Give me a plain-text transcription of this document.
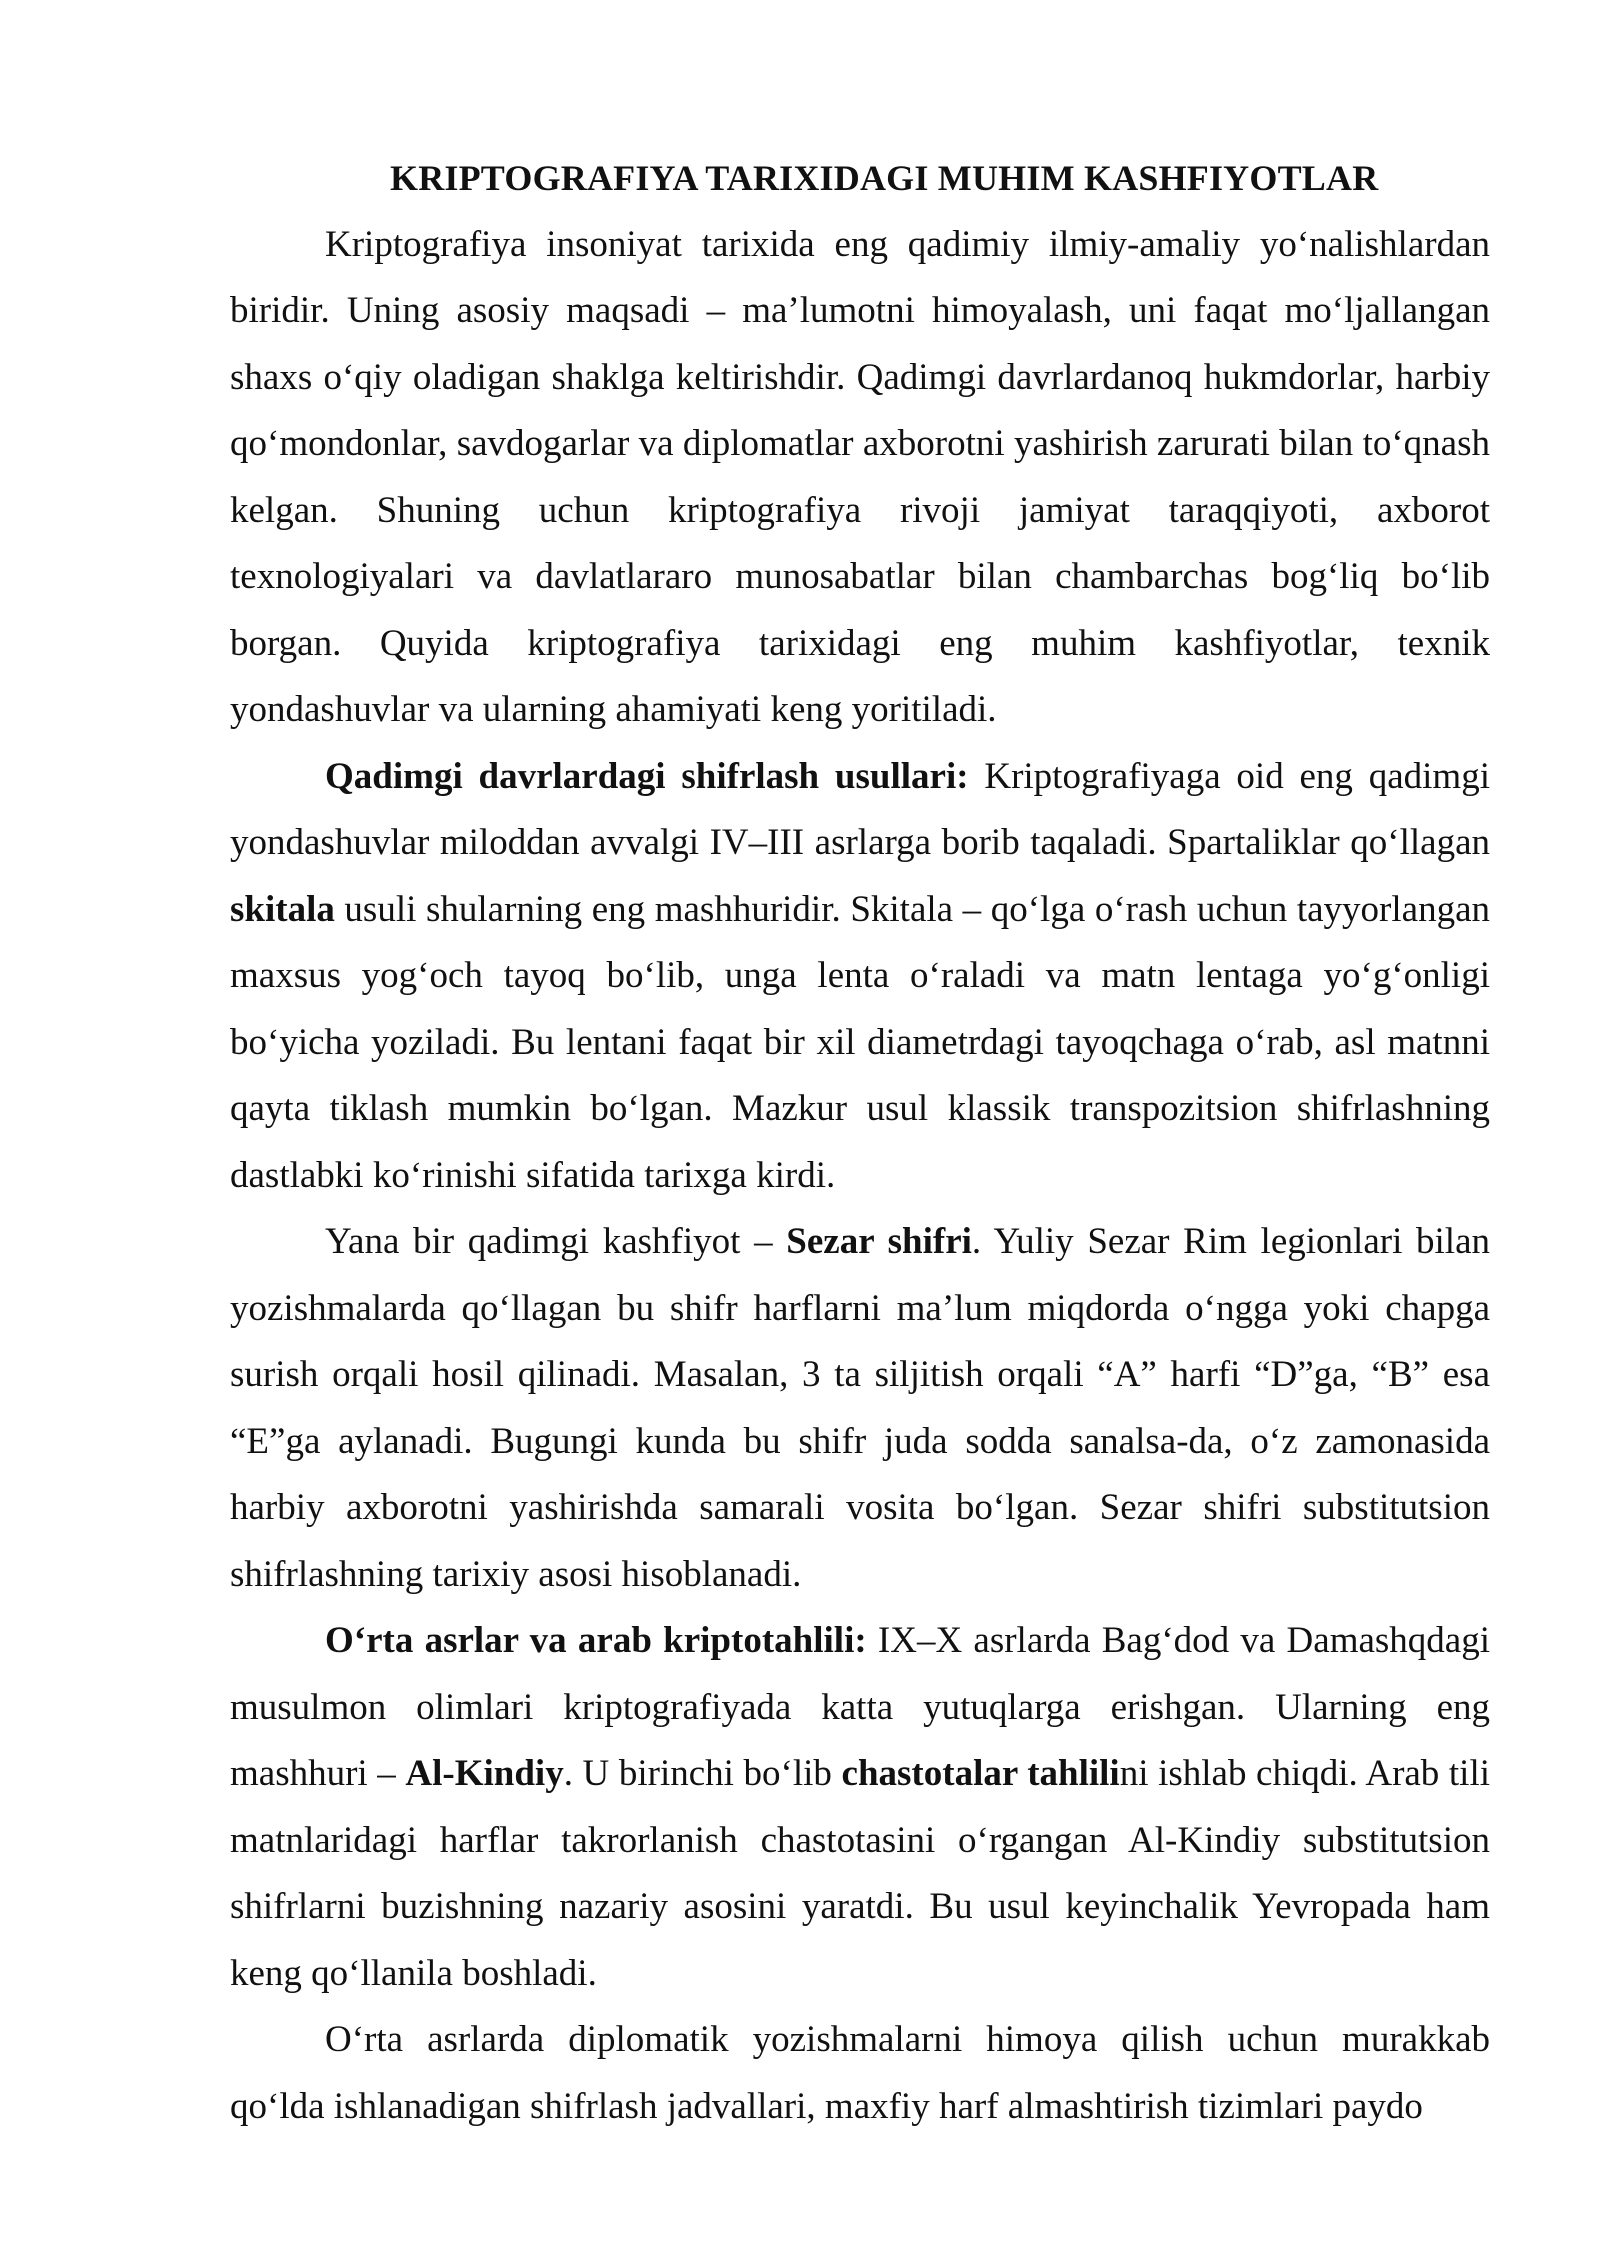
KRIPTOGRAFIYA TARIXIDAGI MUHIM KASHFIYOTLAR

Kriptografiya insoniyat tarixida eng qadimiy ilmiy-amaliy yo‘nalishlardan biridir. Uning asosiy maqsadi – ma’lumotni himoyalash, uni faqat mo‘ljallangan shaxs o‘qiy oladigan shaklga keltirishdir. Qadimgi davrlardanoq hukmdorlar, harbiy qo‘mondonlar, savdogarlar va diplomatlar axborotni yashirish zarurati bilan to‘qnash kelgan. Shuning uchun kriptografiya rivoji jamiyat taraqqiyoti, axborot texnologiyalari va davlatlararo munosabatlar bilan chambarchas bog‘liq bo‘lib borgan. Quyida kriptografiya tarixidagi eng muhim kashfiyotlar, texnik yondashuvlar va ularning ahamiyati keng yoritiladi.

Qadimgi davrlardagi shifrlash usullari: Kriptografiyaga oid eng qadimgi yondashuvlar miloddan avvalgi IV–III asrlarga borib taqaladi. Spartaliklar qo‘llagan skitala usuli shularning eng mashhuridir. Skitala – qo‘lga o‘rash uchun tayyorlangan maxsus yog‘och tayoq bo‘lib, unga lenta o‘raladi va matn lentaga yo‘g‘onligi bo‘yicha yoziladi. Bu lentani faqat bir xil diametrdagi tayoqchaga o‘rab, asl matnni qayta tiklash mumkin bo‘lgan. Mazkur usul klassik transpozitsion shifrlashning dastlabki ko‘rinishi sifatida tarixga kirdi.

Yana bir qadimgi kashfiyot – Sezar shifri. Yuliy Sezar Rim legionlari bilan yozishmalarda qo‘llagan bu shifr harflarni ma’lum miqdorda o‘ngga yoki chapga surish orqali hosil qilinadi. Masalan, 3 ta siljitish orqali “A” harfi “D”ga, “B” esa “E”ga aylanadi. Bugungi kunda bu shifr juda sodda sanalsa-da, o‘z zamonasida harbiy axborotni yashirishda samarali vosita bo‘lgan. Sezar shifri substitutsion shifrlashning tarixiy asosi hisoblanadi.

O‘rta asrlar va arab kriptotahlili: IX–X asrlarda Bag‘dod va Damashqdagi musulmon olimlari kriptografiyada katta yutuqlarga erishgan. Ularning eng mashhuri – Al-Kindiy. U birinchi bo‘lib chastotalar tahlilini ishlab chiqdi. Arab tili matnlaridagi harflar takrorlanish chastotasini o‘rgangan Al-Kindiy substitutsion shifrlarni buzishning nazariy asosini yaratdi. Bu usul keyinchalik Yevropada ham keng qo‘llanila boshladi.

O‘rta asrlarda diplomatik yozishmalarni himoya qilish uchun murakkab qo‘lda ishlanadigan shifrlash jadvallari, maxfiy harf almashtirish tizimlari paydo
